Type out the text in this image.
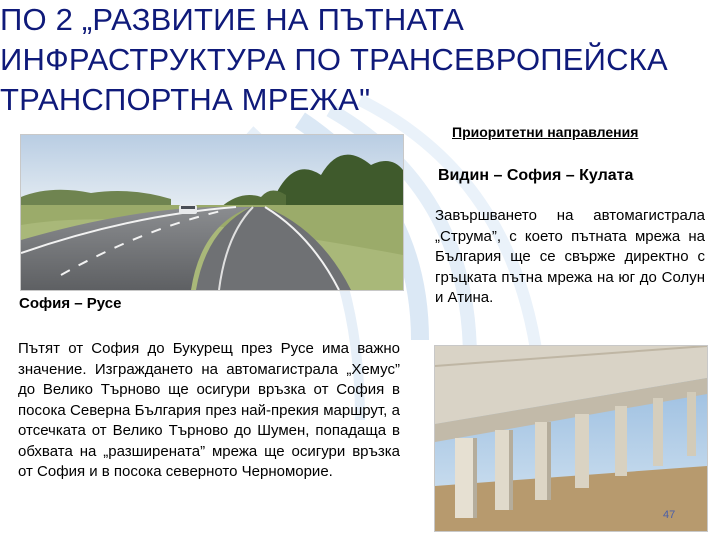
ПО 2 „РАЗВИТИЕ НА ПЪТНАТА
ИНФРАСТРУКТУРА ПО ТРАНСЕВРОПЕЙСКА
ТРАНСПОРТНА МРЕЖА"
Приоритетни направления
Видин – София – Кулата
Завършването на автомагистрала „Струма”, с което пътната мрежа на България ще се свърже директно с гръцката пътна мрежа на юг до Солун и Атина.
София – Русе
Пътят от София до Букурещ през Русе има важно значение. Изграждането на автомагистрала „Хемус” до Велико Търново ще осигури връзка от София в посока Северна България през най-прекия маршрут, а отсечката от Велико Търново до Шумен, попадаща в обхвата на „разширената” мрежа ще осигури връзка от София и в посока северното Черноморие.
47
